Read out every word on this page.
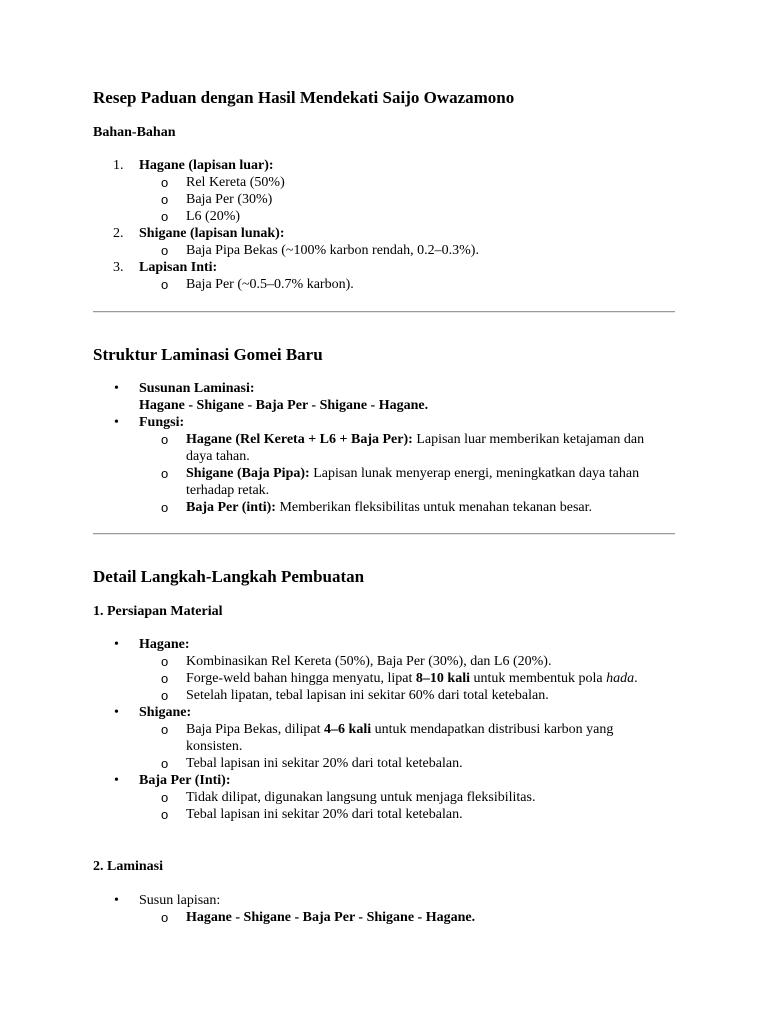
Resep Paduan dengan Hasil Mendekati Saijo Owazamono
Bahan-Bahan
1. Hagane (lapisan luar):
o Rel Kereta (50%)
o Baja Per (30%)
o L6 (20%)
2. Shigane (lapisan lunak):
o Baja Pipa Bekas (~100% karbon rendah, 0.2–0.3%).
3. Lapisan Inti:
o Baja Per (~0.5–0.7% karbon).
Struktur Laminasi Gomei Baru
• Susunan Laminasi:
Hagane - Shigane - Baja Per - Shigane - Hagane.
• Fungsi:
o Hagane (Rel Kereta + L6 + Baja Per): Lapisan luar memberikan ketajaman dan daya tahan.
o Shigane (Baja Pipa): Lapisan lunak menyerap energi, meningkatkan daya tahan terhadap retak.
o Baja Per (inti): Memberikan fleksibilitas untuk menahan tekanan besar.
Detail Langkah-Langkah Pembuatan
1. Persiapan Material
• Hagane:
o Kombinasikan Rel Kereta (50%), Baja Per (30%), dan L6 (20%).
o Forge-weld bahan hingga menyatu, lipat 8–10 kali untuk membentuk pola hada.
o Setelah lipatan, tebal lapisan ini sekitar 60% dari total ketebalan.
• Shigane:
o Baja Pipa Bekas, dilipat 4–6 kali untuk mendapatkan distribusi karbon yang konsisten.
o Tebal lapisan ini sekitar 20% dari total ketebalan.
• Baja Per (Inti):
o Tidak dilipat, digunakan langsung untuk menjaga fleksibilitas.
o Tebal lapisan ini sekitar 20% dari total ketebalan.
2. Laminasi
• Susun lapisan:
o Hagane - Shigane - Baja Per - Shigane - Hagane.
